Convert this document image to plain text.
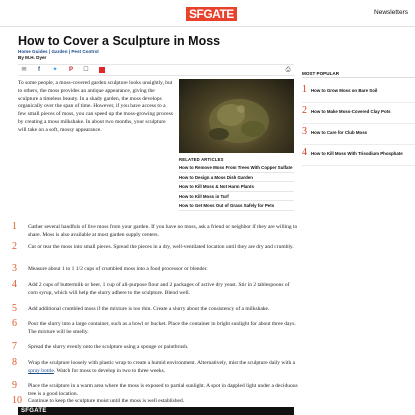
SFGATE	Newsletters
How to Cover a Sculpture in Moss
Home Guides | Garden | Pest Control
By M.H. Dyer
✉	f	✦	P	☐	⎙

To some people, a moss-covered garden sculpture looks unsightly, but to others, the moss provides an antique appearance, giving the sculpture a timeless beauty. In a shady garden, the moss develops organically over the span of time. However, if you have access to a few small pieces of moss, you can speed up the moss-growing process by creating a moss milkshake. In about two months, your sculpture will take on a soft, mossy appearance.

RELATED ARTICLES
How to Remove Moss From Trees With Copper Sulfate
How to Design a Moss Dish Garden
How to Kill Moss & Not Harm Plants
How to Kill Moss in Turf
How to Get Moss Out of Grass Safely for Pets
MOST POPULAR
1 How to Grow Moss on Bare Soil
2 How to Make Moss-Covered Clay Pots
3 How to Care for Club Moss
4 How to Kill Moss With Trisodium Phosphate
1	Gather several handfuls of live moss from your garden. If you have no moss, ask a friend or neighbor if they are willing to share. Moss is also available at most garden supply centers.

2	Cut or tear the moss into small pieces. Spread the pieces in a dry, well-ventilated location until they are dry and crumbly.

3	Measure about 1 to 1 1/2 cups of crumbled moss into a food processor or blender.

4	Add 2 cups of buttermilk or beer, 1 cup of all-purpose flour and 2 packages of active dry yeast. Stir in 2 tablespoons of corn syrup, which will help the slurry adhere to the sculpture. Blend well.

5	Add additional crumbled moss if the mixture is too thin. Create a slurry about the consistency of a milkshake.

6	Pour the slurry into a large container, such as a bowl or bucket. Place the container in bright sunlight for about three days. The mixture will be smelly.

7	Spread the slurry evenly onto the sculpture using a sponge or paintbrush.

8	Wrap the sculpture loosely with plastic wrap to create a humid environment. Alternatively, mist the sculpture daily with a spray bottle. Watch for moss to develop in two to three weeks.

9	Place the sculpture in a warm area where the moss is exposed to partial sunlight. A spot in dappled light under a deciduous tree is a good location.

10	Continue to keep the sculpture moist until the moss is well established.

SFGATE
